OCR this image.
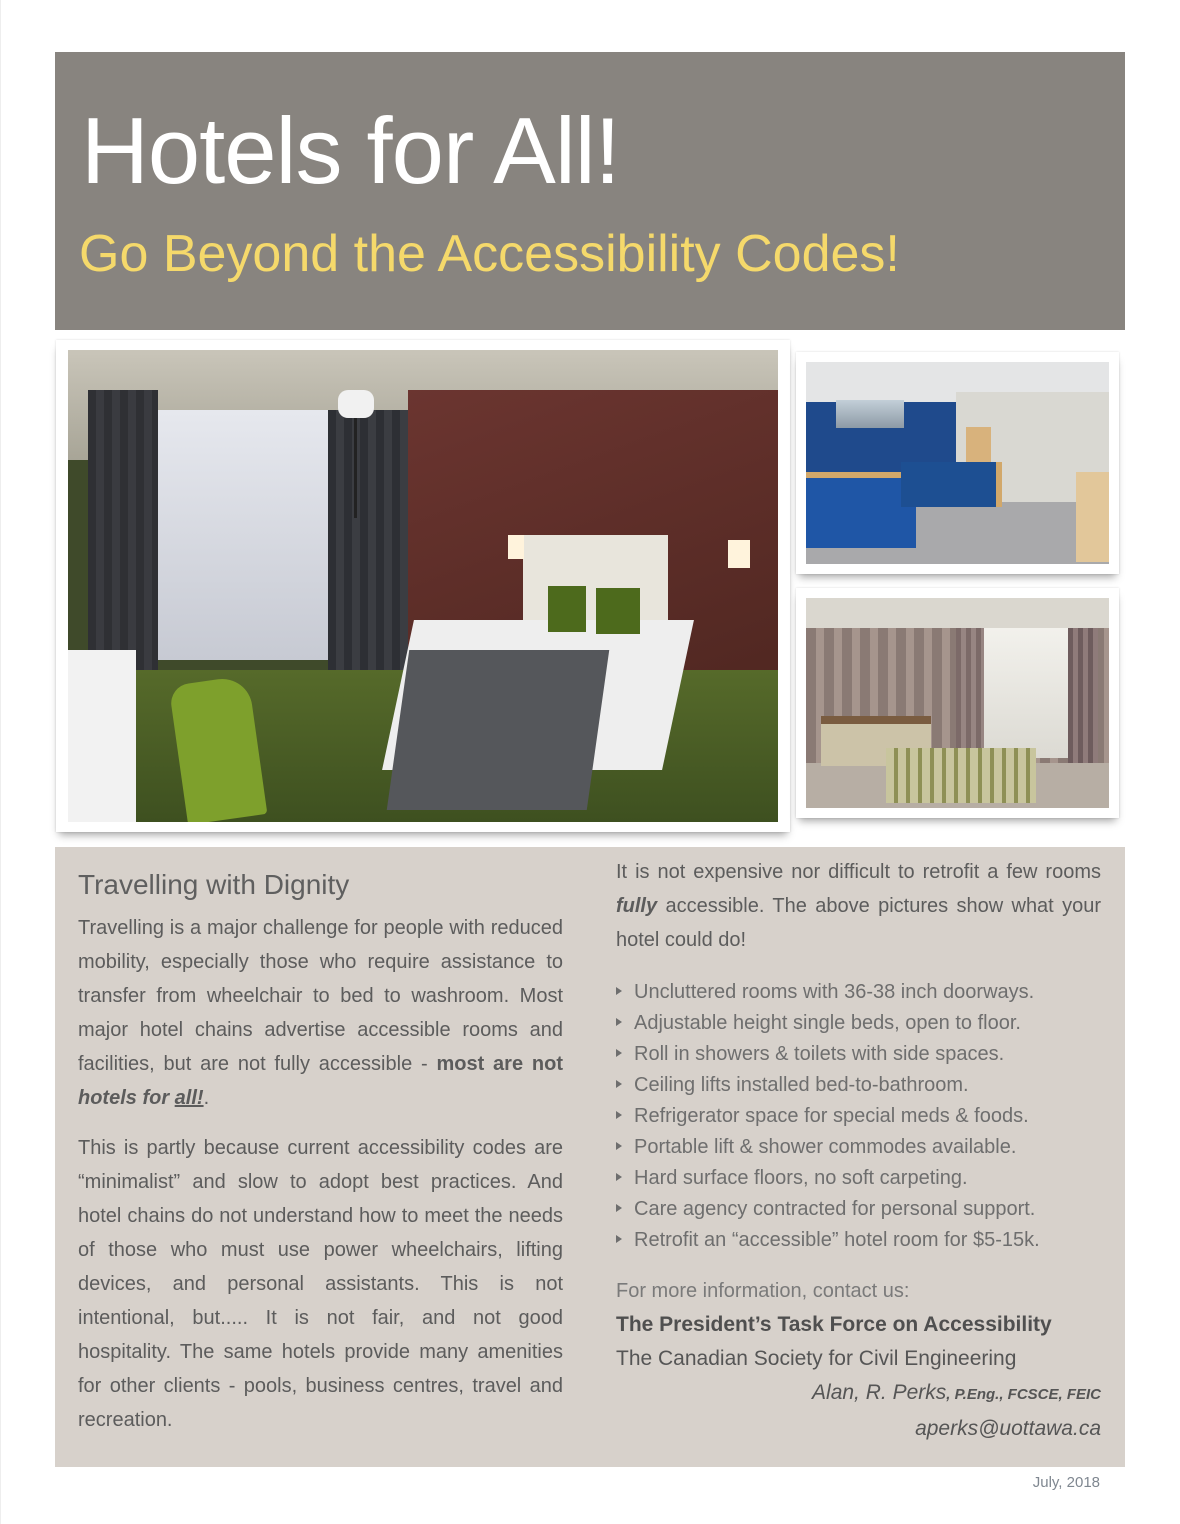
Hotels for All!
Go Beyond the Accessibility Codes!
Travelling with Dignity

Travelling is a major challenge for people with reduced mobility, especially those who require assistance to transfer from wheelchair to bed to washroom. Most major hotel chains advertise accessible rooms and facilities, but are not fully accessible - most are not hotels for all!.

This is partly because current accessibility codes are “minimalist” and slow to adopt best practices. And hotel chains do not understand how to meet the needs of those who must use power wheelchairs, lifting devices, and personal assistants. This is not intentional, but..... It is not fair, and not good hospitality. The same hotels provide many amenities for other clients - pools, business centres, travel and recreation.

It is not expensive nor difficult to retrofit a few rooms fully accessible. The above pictures show what your hotel could do!

Uncluttered rooms with 36-38 inch doorways.
Adjustable height single beds, open to floor.
Roll in showers & toilets with side spaces.
Ceiling lifts installed bed-to-bathroom.
Refrigerator space for special meds & foods.
Portable lift & shower commodes available.
Hard surface floors, no soft carpeting.
Care agency contracted for personal support.
Retrofit an “accessible” hotel room for $5-15k.
For more information, contact us:
The President’s Task Force on Accessibility
The Canadian Society for Civil Engineering
Alan, R. Perks, P.Eng., FCSCE, FEIC
aperks@uottawa.ca
July, 2018
